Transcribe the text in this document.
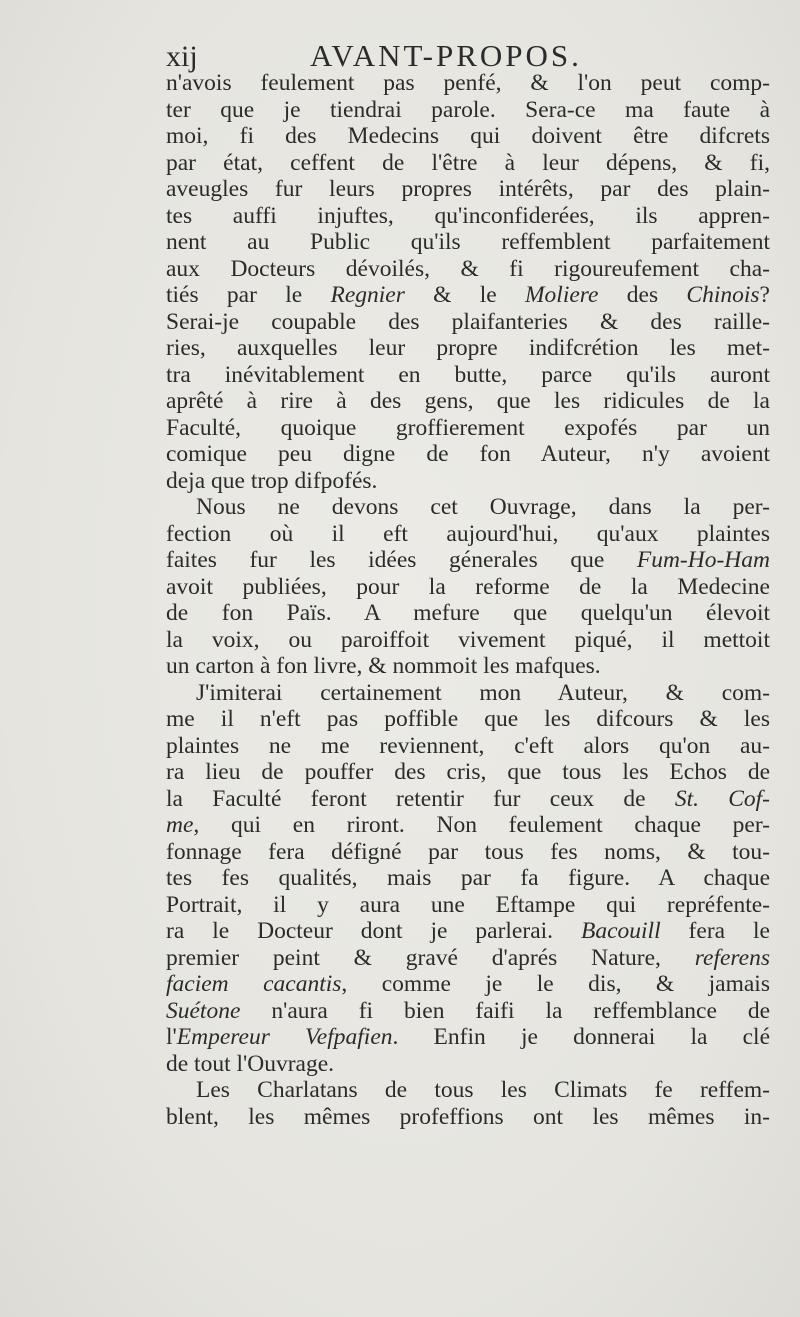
xij	AVANT-PROPOS.
n'avois feulement pas penfé, & l'on peut comp-
ter que je tiendrai parole. Sera-ce ma faute à
moi, fi des Medecins qui doivent être difcrets
par état, ceffent de l'être à leur dépens, & fi,
aveugles fur leurs propres intérêts, par des plain-
tes auffi injuftes, qu'inconfiderées, ils appren-
nent au Public qu'ils reffemblent parfaitement
aux Docteurs dévoilés, & fi rigoureufement cha-
tiés par le Regnier & le Moliere des Chinois?
Serai-je coupable des plaifanteries & des raille-
ries, auxquelles leur propre indifcrétion les met-
tra inévitablement en butte, parce qu'ils auront
aprêté à rire à des gens, que les ridicules de la
Faculté, quoique groffierement expofés par un
comique peu digne de fon Auteur, n'y avoient
deja que trop difpofés.
Nous ne devons cet Ouvrage, dans la per-
fection où il eft aujourd'hui, qu'aux plaintes
faites fur les idées génerales que Fum-Ho-Ham
avoit publiées, pour la reforme de la Medecine
de fon Païs. A mefure que quelqu'un élevoit
la voix, ou paroiffoit vivement piqué, il mettoit
un carton à fon livre, & nommoit les mafques.
J'imiterai certainement mon Auteur, & com-
me il n'eft pas poffible que les difcours & les
plaintes ne me reviennent, c'eft alors qu'on au-
ra lieu de pouffer des cris, que tous les Echos de
la Faculté feront retentir fur ceux de St. Cof-
me, qui en riront. Non feulement chaque per-
fonnage fera défigné par tous fes noms, & tou-
tes fes qualités, mais par fa figure. A chaque
Portrait, il y aura une Eftampe qui repréfente-
ra le Docteur dont je parlerai. Bacouill fera le
premier peint & gravé d'aprés Nature, referens
faciem cacantis, comme je le dis, & jamais
Suétone n'aura fi bien faifi la reffemblance de
l'Empereur Vefpafien. Enfin je donnerai la clé
de tout l'Ouvrage.
Les Charlatans de tous les Climats fe reffem-
blent, les mêmes profeffions ont les mêmes in-
